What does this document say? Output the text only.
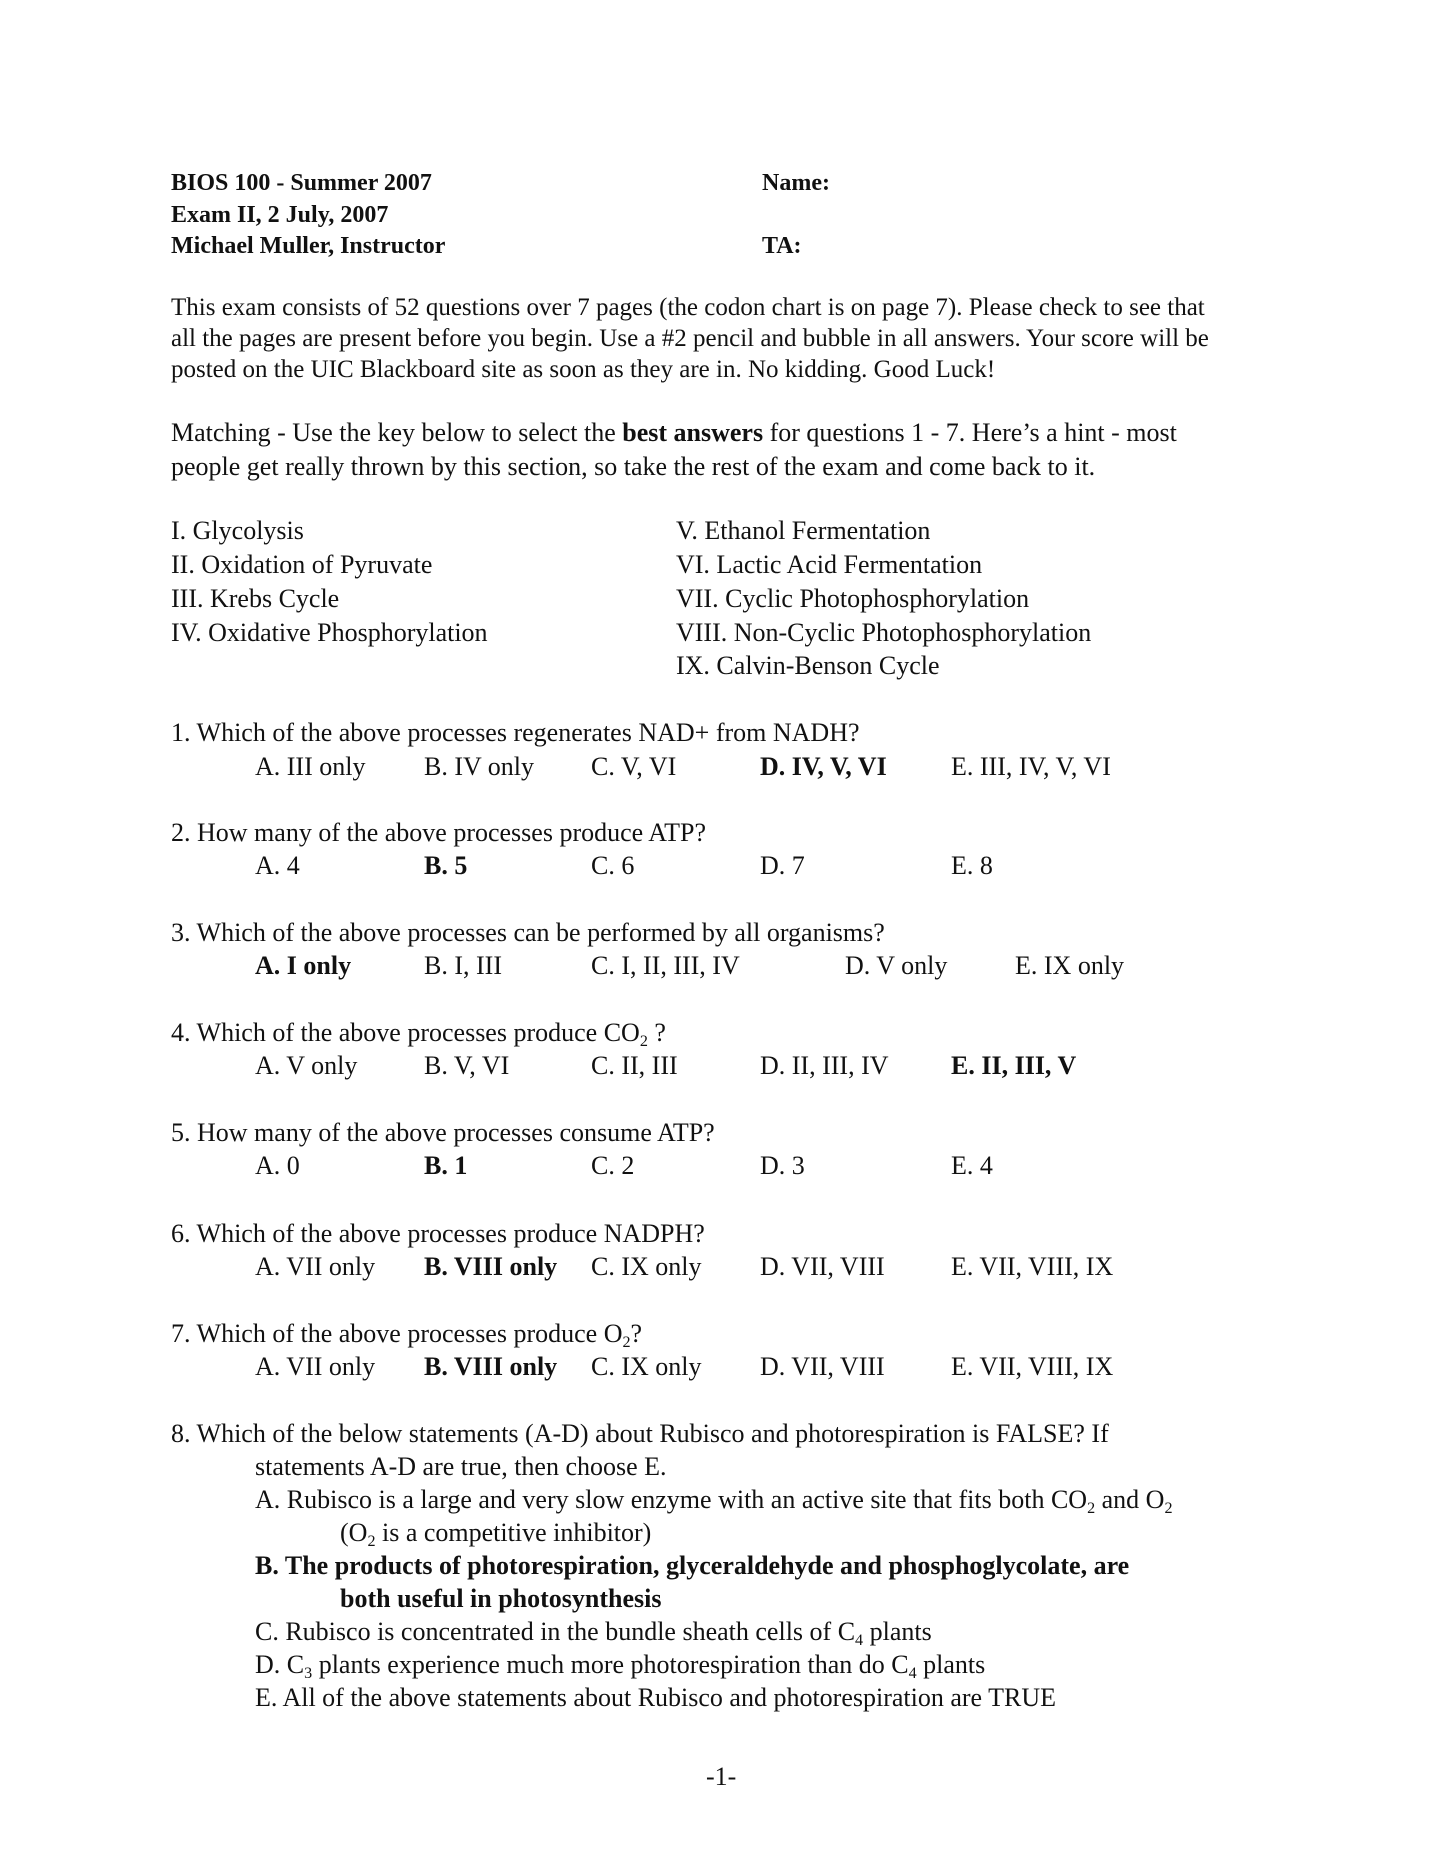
BIOS 100 - Summer 2007
Exam II, 2 July, 2007
Michael Muller, Instructor
Name:
TA:
This exam consists of 52 questions over 7 pages (the codon chart is on page 7). Please check to see that
all the pages are present before you begin. Use a #2 pencil and bubble in all answers. Your score will be
posted on the UIC Blackboard site as soon as they are in. No kidding. Good Luck!
Matching - Use the key below to select the best answers for questions 1 - 7. Here’s a hint - most
people get really thrown by this section, so take the rest of the exam and come back to it.
I. Glycolysis
II. Oxidation of Pyruvate
III. Krebs Cycle
IV. Oxidative Phosphorylation
V. Ethanol Fermentation
VI. Lactic Acid Fermentation
VII. Cyclic Photophosphorylation
VIII. Non-Cyclic Photophosphorylation
IX. Calvin-Benson Cycle
1. Which of the above processes regenerates NAD+ from NADH?
A. III only B. IV only C. V, VI	D. IV, V, VI E. III, IV, V, VI
2. How many of the above processes produce ATP?
A. 4	B. 5	C. 6	D. 7	E. 8
3. Which of the above processes can be performed by all organisms?
A. I only	B. I, III	C. I, II, III, IV	D. V only	E. IX only
4. Which of the above processes produce $CO_2$ ?
A. V only	B. V, VI	C. II, III	D. II, III, IV E. II, III, V
5. How many of the above processes consume ATP?
A. 0	B. 1	C. 2	D. 3	E. 4
6. Which of the above processes produce NADPH?
A. VII only B. VIII only C. IX only D. VII, VIII	E. VII, VIII, IX
7. Which of the above processes produce $O_2$?
A. VII only B. VIII only C. IX only D. VII, VIII	E. VII, VIII, IX
8. Which of the below statements (A-D) about Rubisco and photorespiration is FALSE? If
statements A-D are true, then choose E.
A. Rubisco is a large and very slow enzyme with an active site that fits both $CO_2$ and $O_2$
($O_2$ is a competitive inhibitor)
B. The products of photorespiration, glyceraldehyde and phosphoglycolate, are
both useful in photosynthesis
C. Rubisco is concentrated in the bundle sheath cells of $C_4$ plants
D. $C_3$ plants experience much more photorespiration than do $C_4$ plants
E. All of the above statements about Rubisco and photorespiration are TRUE
-1-
